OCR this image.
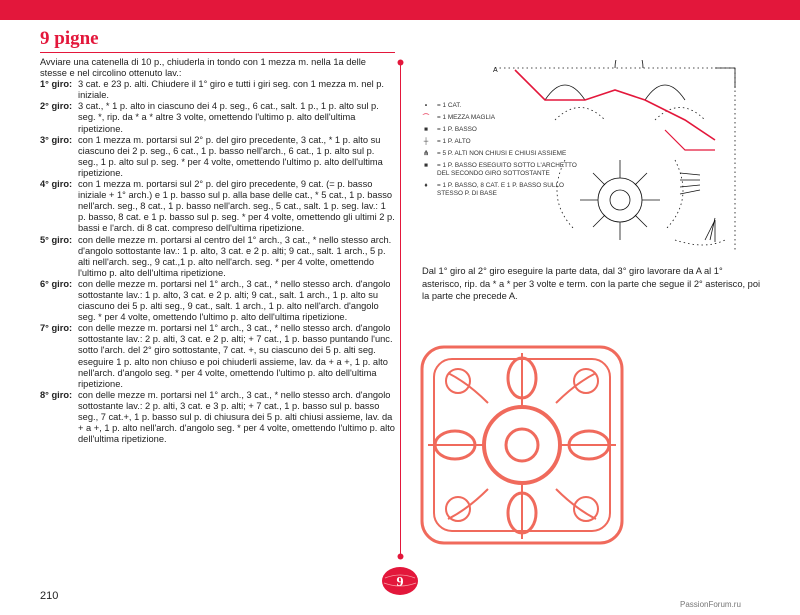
9 pigne
Avviare una catenella di 10 p., chiuderla in tondo con 1 mezza m. nella 1a delle stesse e nel circolino ottenuto lav.:
1° giro: 3 cat. e 23 p. alti. Chiudere il 1° giro e tutti i giri seg. con 1 mezza m. nel p. iniziale.
2° giro: 3 cat., * 1 p. alto in ciascuno dei 4 p. seg., 6 cat., salt. 1 p., 1 p. alto sul p. seg. *, rip. da * a * altre 3 volte, omettendo l'ultimo p. alto dell'ultima ripetizione.
3° giro: con 1 mezza m. portarsi sul 2° p. del giro precedente, 3 cat., * 1 p. alto su ciascuno dei 2 p. seg., 6 cat., 1 p. basso nell'arch., 6 cat., 1 p. alto sul p. seg., 1 p. alto sul p. seg. * per 4 volte, omettendo l'ultimo p. alto dell'ultima ripetizione.
4° giro: con 1 mezza m. portarsi sul 2° p. del giro precedente, 9 cat. (= p. basso iniziale + 1° arch.) e 1 p. basso sul p. alla base delle cat., * 5 cat., 1 p. basso nell'arch. seg., 8 cat., 1 p. basso nell'arch. seg., 5 cat., salt. 1 p. seg. lav.: 1 p. basso, 8 cat. e 1 p. basso sul p. seg. * per 4 volte, omettendo gli ultimi 2 p. bassi e l'arch. di 8 cat. compreso dell'ultima ripetizione.
5° giro: con delle mezze m. portarsi al centro del 1° arch., 3 cat., * nello stesso arch. d'angolo sottostante lav.: 1 p. alto, 3 cat. e 2 p. alti; 9 cat., salt. 1 arch., 5 p. alti nell'arch. seg., 9 cat.,1 p. alto nell'arch. seg. * per 4 volte, omettendo l'ultimo p. alto dell'ultima ripetizione.
6° giro: con delle mezze m. portarsi nel 1° arch., 3 cat., * nello stesso arch. d'angolo sottostante lav.: 1 p. alto, 3 cat. e 2 p. alti; 9 cat., salt. 1 arch., 1 p. alto su ciascuno dei 5 p. alti seg., 9 cat., salt. 1 arch., 1 p. alto nell'arch. d'angolo seg. * per 4 volte, omettendo l'ultimo p. alto dell'ultima ripetizione.
7° giro: con delle mezze m. portarsi nel 1° arch., 3 cat., * nello stesso arch. d'angolo sottostante lav.: 2 p. alti, 3 cat. e 2 p. alti; + 7 cat., 1 p. basso puntando l'unc. sotto l'arch. del 2° giro sottostante, 7 cat. +, su ciascuno dei 5 p. alti seg. eseguire 1 p. alto non chiuso e poi chiuderli assieme, lav. da + a +, 1 p. alto nell'arch. d'angolo seg. * per 4 volte, omettendo l'ultimo p. alto dell'ultima ripetizione.
8° giro: con delle mezze m. portarsi nel 1° arch., 3 cat., * nello stesso arch. d'angolo sottostante lav.: 2 p. alti, 3 cat. e 3 p. alti; + 7 cat., 1 p. basso sul p. basso seg., 7 cat.+, 1 p. basso sul p. di chiusura dei 5 p. alti chiusi assieme, lav. da + a +, 1 p. alto nell'arch. d'angolo seg. * per 4 volte, omettendo l'ultimo p. alto dell'ultima ripetizione.
A
•	= 1 CAT.
⌒	= 1 MEZZA MAGLIA
■	= 1 P. BASSO
┼	= 1 P. ALTO
⋔	= 5 P. ALTI NON CHIUSI E CHIUSI ASSIEME
■	= 1 P. BASSO ESEGUITO SOTTO L'ARCHETTO DEL SECONDO GIRO SOTTOSTANTE
♦	= 1 P. BASSO, 8 CAT. E 1 P. BASSO SULLO STESSO P. DI BASE
Dal 1° giro al 2° giro eseguire la parte data, dal 3° giro lavorare da A al 1° asterisco, rip. da * a * per 3 volte e term. con la parte che segue il 2° asterisco, poi la parte che precede A.
9
210
PassionForum.ru
